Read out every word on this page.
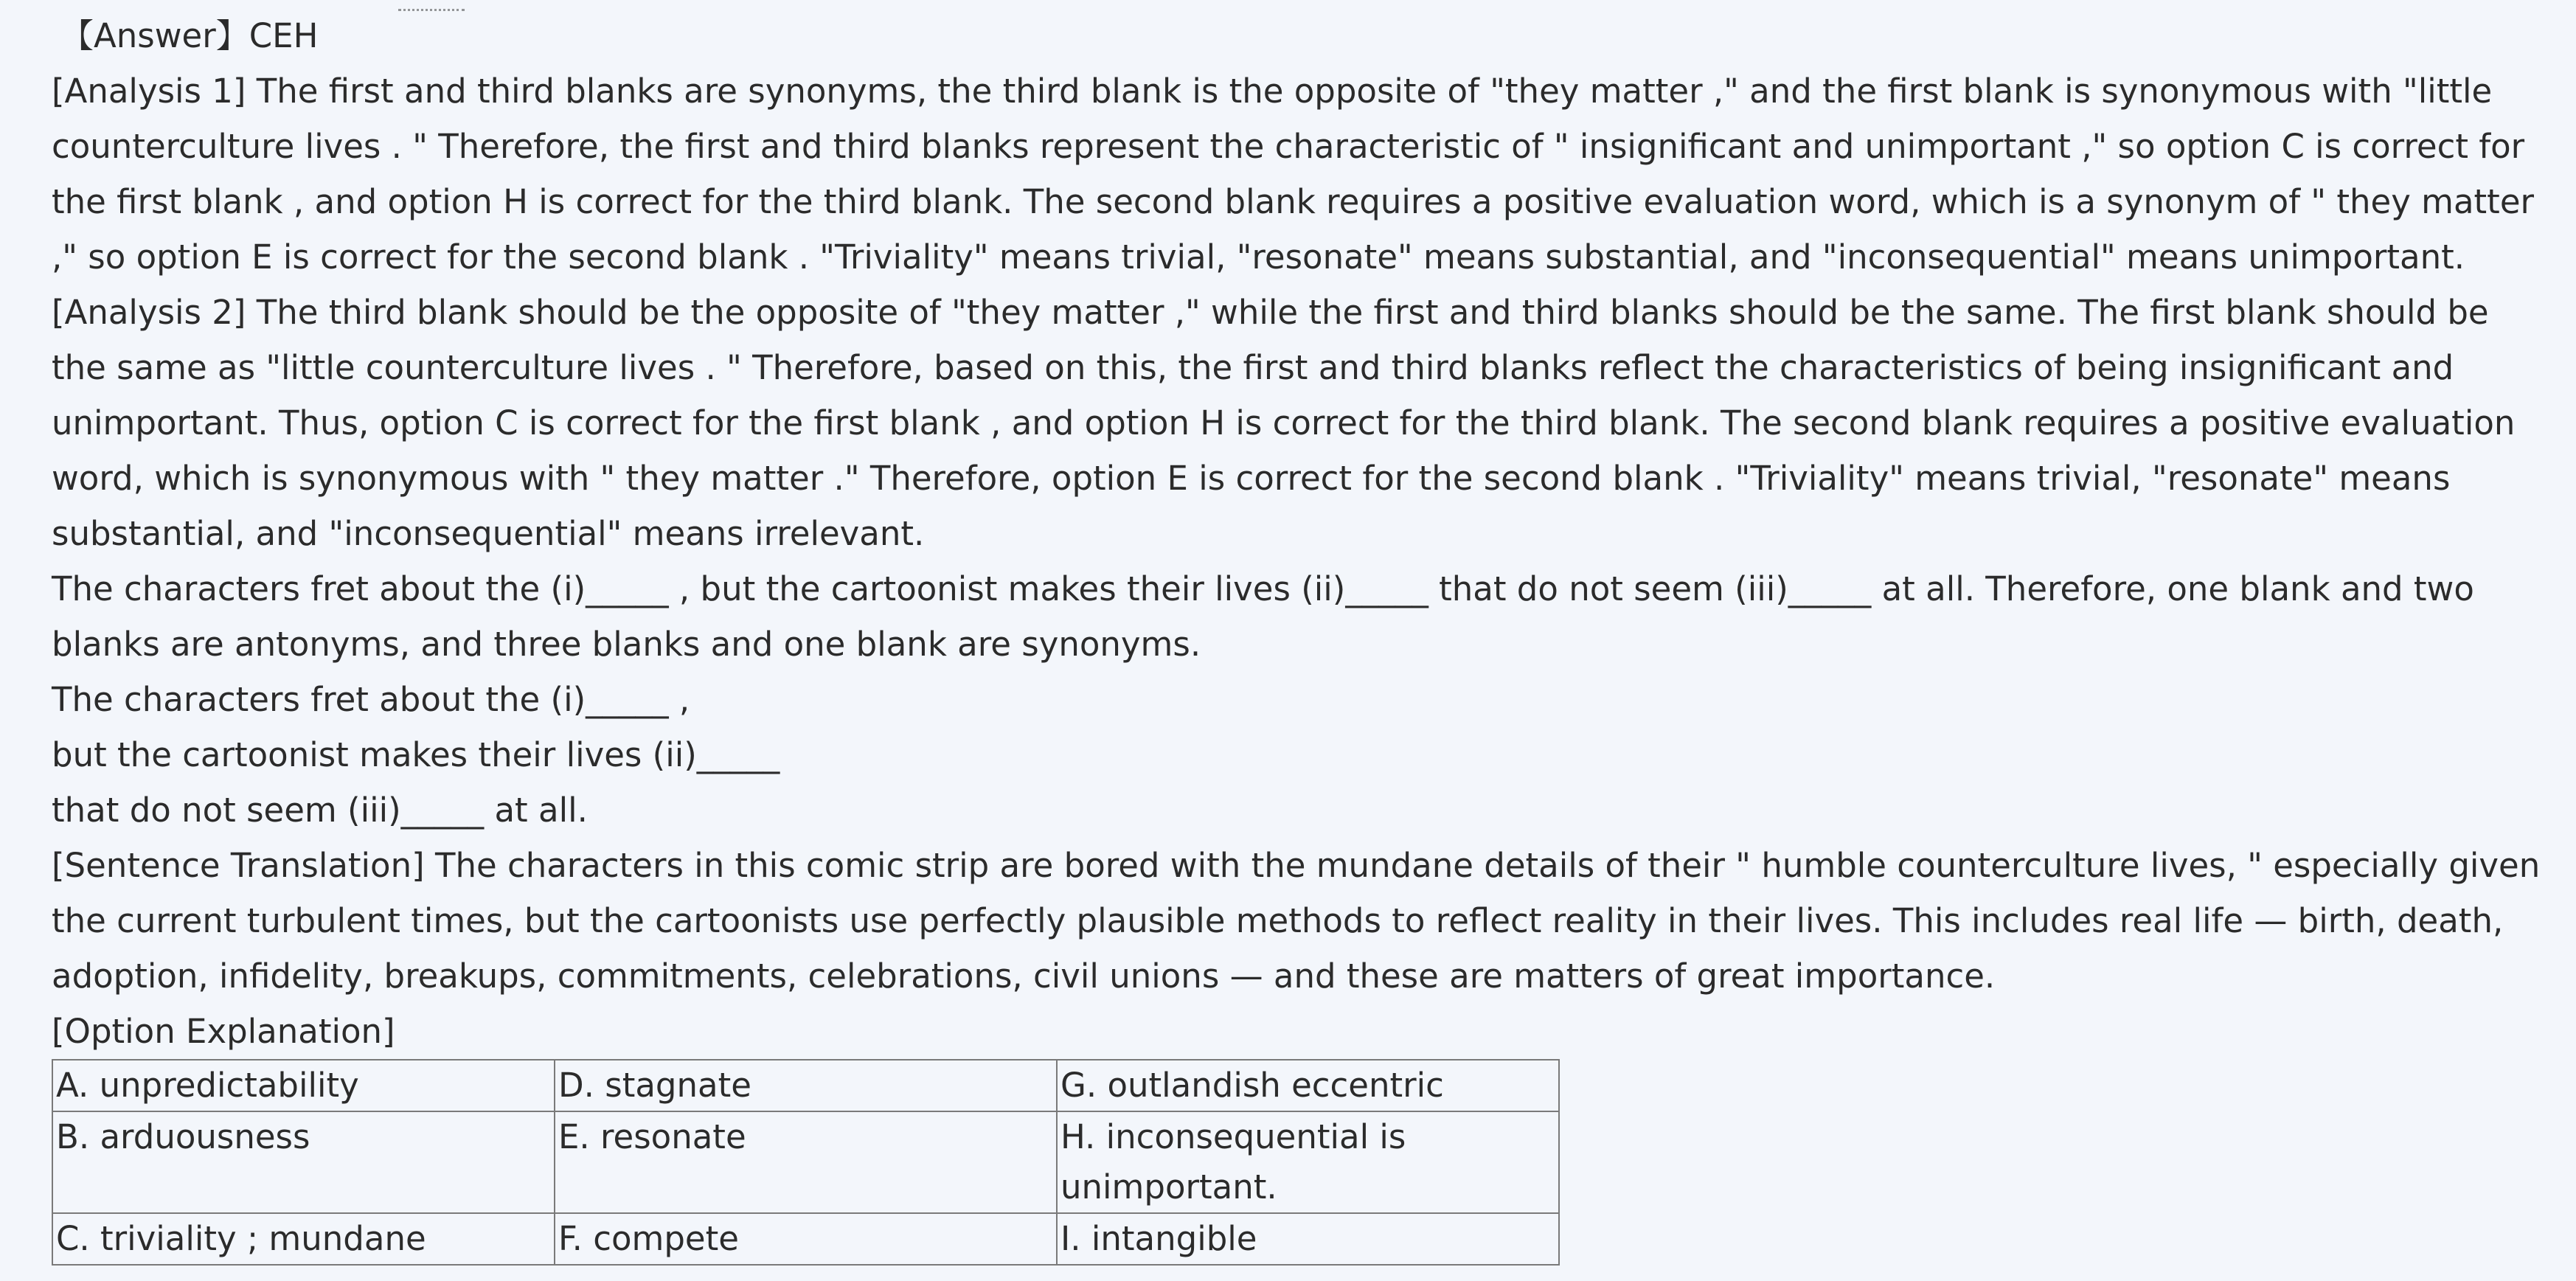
【Answer】CEH

[Analysis 1] The first and third blanks are synonyms, the third blank is the opposite of "they matter ," and the first blank is synonymous with "little counterculture lives . " Therefore, the first and third blanks represent the characteristic of " insignificant and unimportant ," so option C is correct for the first blank , and option H is correct for the third blank. The second blank requires a positive evaluation word, which is a synonym of " they matter ," so option E is correct for the second blank . "Triviality" means trivial, "resonate" means substantial, and "inconsequential" means unimportant.

[Analysis 2] The third blank should be the opposite of "they matter ," while the first and third blanks should be the same. The first blank should be the same as "little counterculture lives . " Therefore, based on this, the first and third blanks reflect the characteristics of being insignificant and unimportant. Thus, option C is correct for the first blank , and option H is correct for the third blank. The second blank requires a positive evaluation word, which is synonymous with " they matter ." Therefore, option E is correct for the second blank . "Triviality" means trivial, "resonate" means substantial, and "inconsequential" means irrelevant.

The characters fret about the (i)_____ , but the cartoonist makes their lives (ii)_____ that do not seem (iii)_____ at all. Therefore, one blank and two blanks are antonyms, and three blanks and one blank are synonyms.

The characters fret about the (i)_____ ,
but the cartoonist makes their lives (ii)_____
that do not seem (iii)_____ at all.

[Sentence Translation] The characters in this comic strip are bored with the mundane details of their " humble counterculture lives, " especially given the current turbulent times, but the cartoonists use perfectly plausible methods to reflect reality in their lives. This includes real life — birth, death, adoption, infidelity, breakups, commitments, celebrations, civil unions — and these are matters of great importance.

[Option Explanation]
A. unpredictability	D. stagnate	G. outlandish eccentric
B. arduousness	E. resonate	H. inconsequential is unimportant.
C. triviality ; mundane	F. compete	I. intangible
